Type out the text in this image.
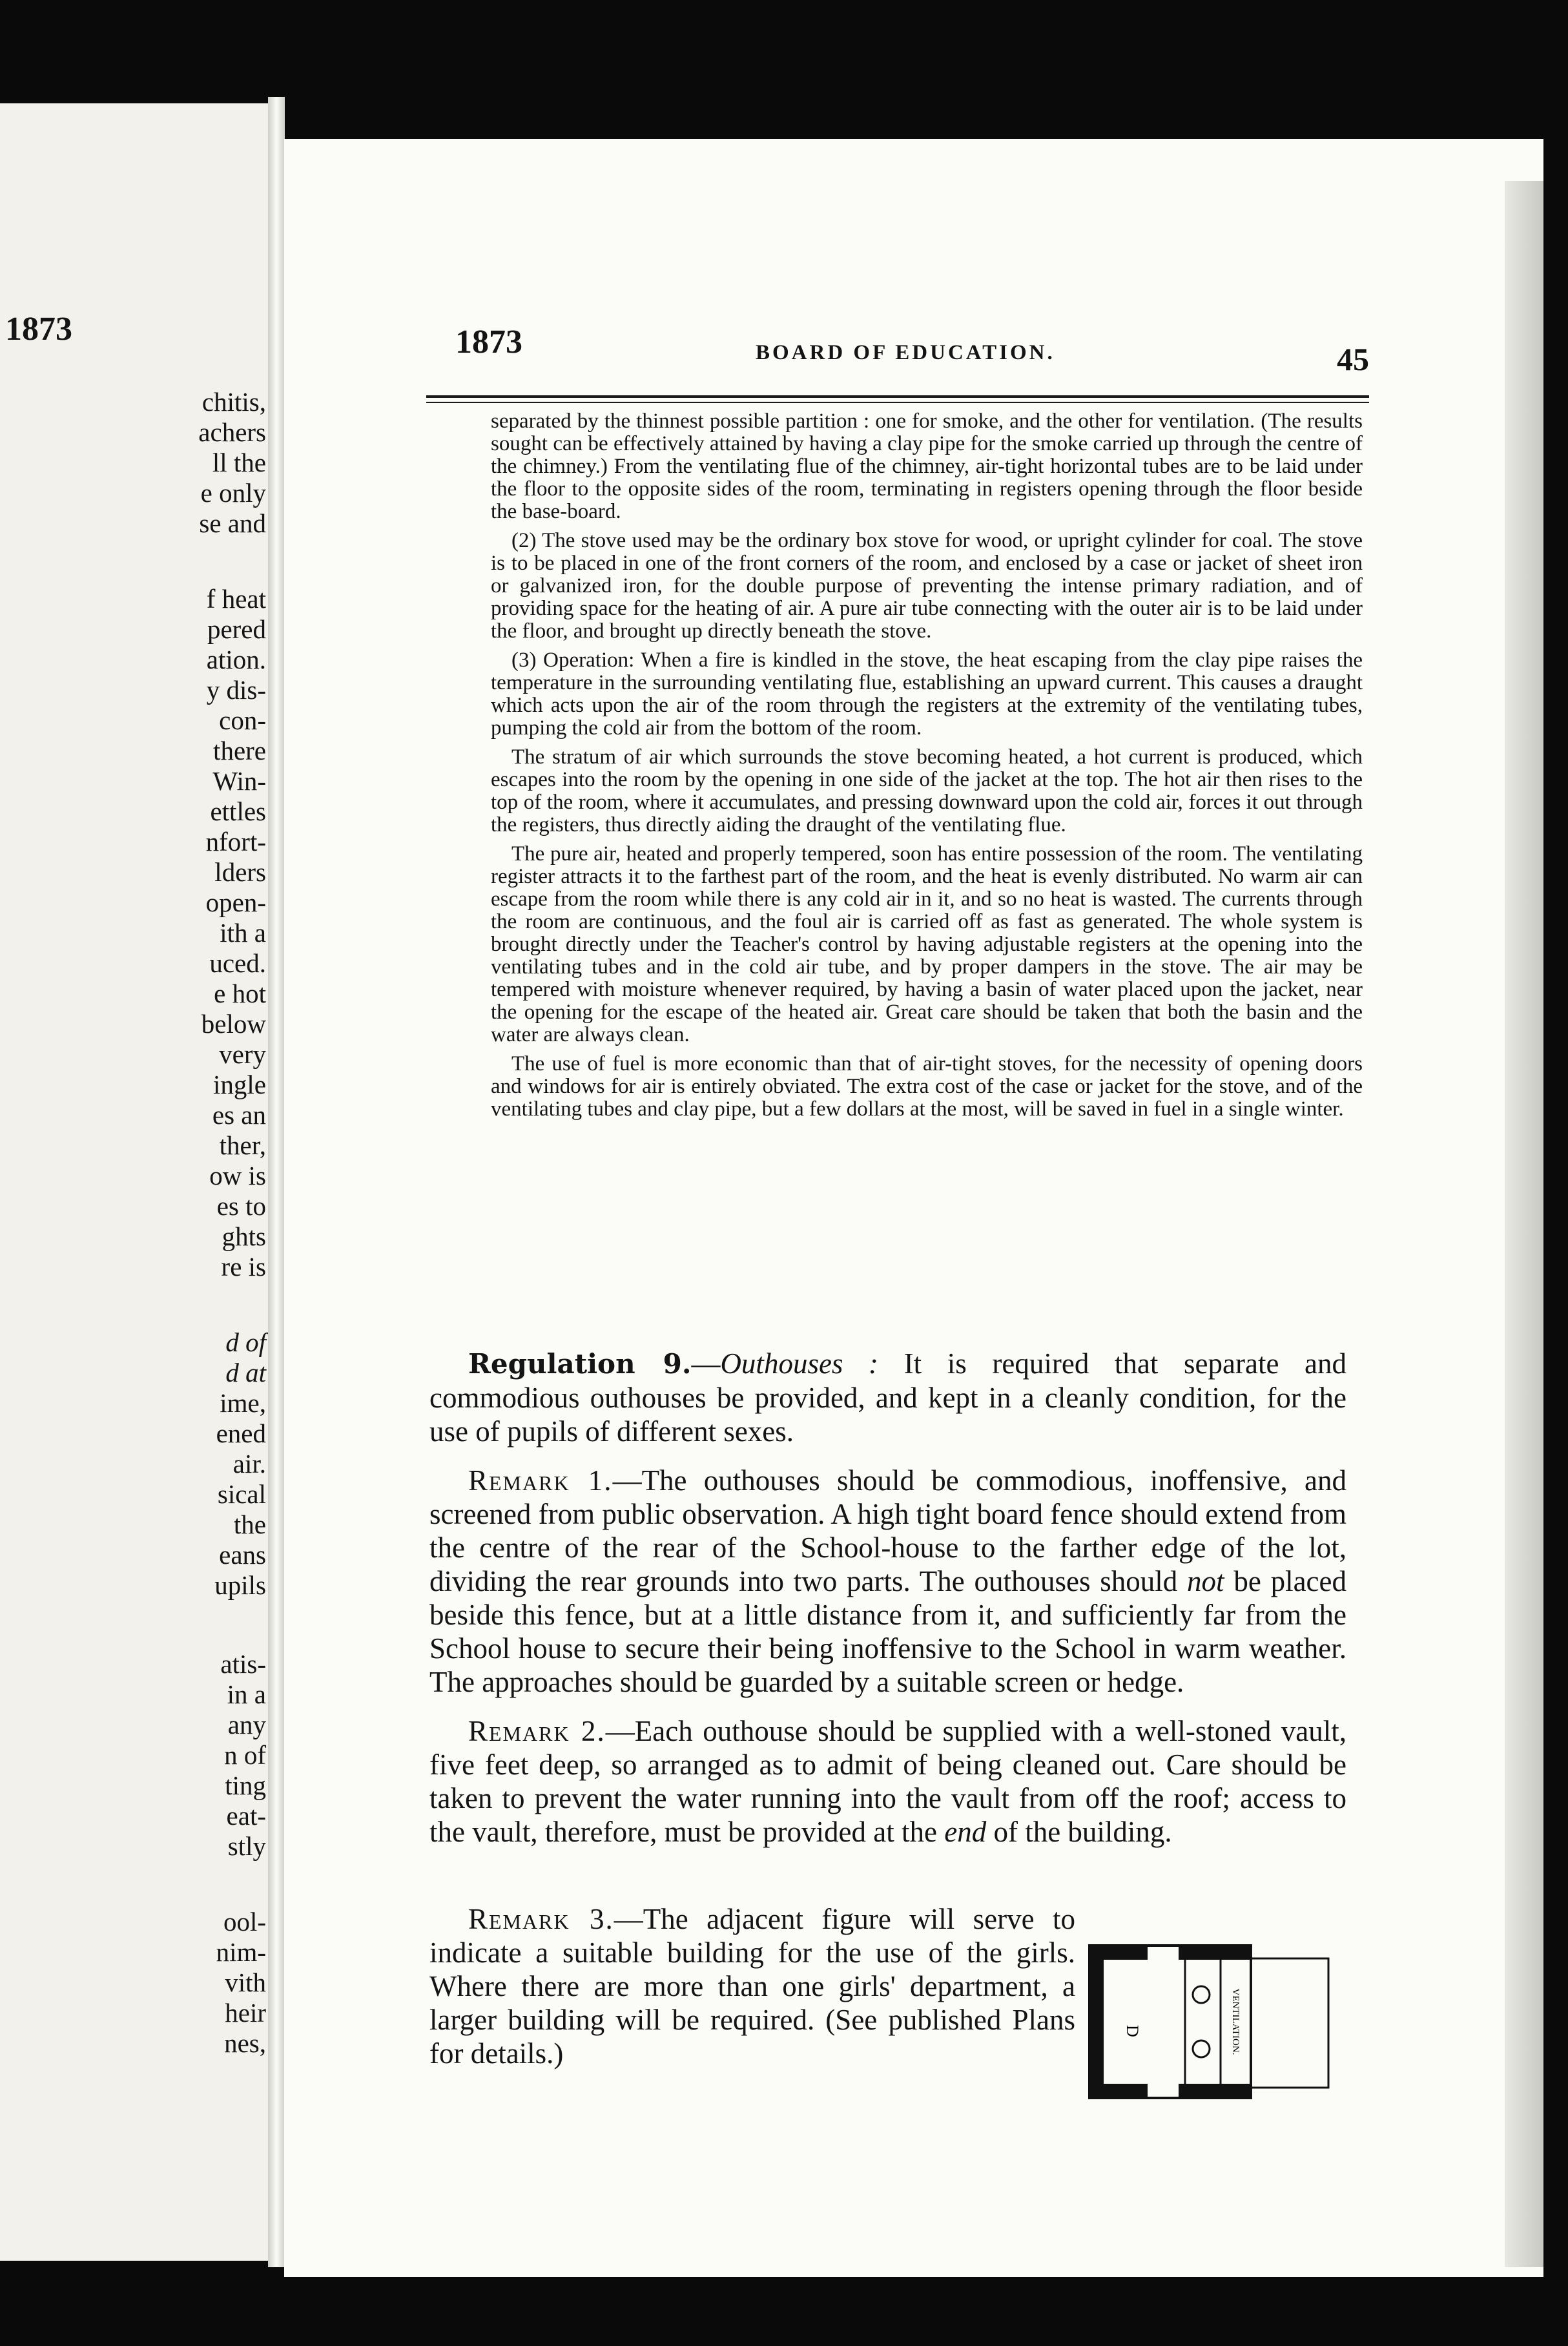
1873
chitis,
achers
ll the
e only
se and
f heat
pered
ation.
y dis-
con-
there
Win-
ettles
nfort-
lders
open-
ith a
uced.
e hot
below
very
ingle
es an
ther,
ow is
es to
ghts
re is
d of
d at
ime,
ened
air.
sical
the
eans
upils
atis-
in a
any
n of
ting
eat-
stly
ool-
nim-
vith
heir
nes,
1873	BOARD OF EDUCATION.	45

separated by the thinnest possible partition : one for smoke, and the other for ventilation. (The results sought can be effectively attained by having a clay pipe for the smoke carried up through the centre of the chimney.) From the ventilating flue of the chimney, air-tight horizontal tubes are to be laid under the floor to the opposite sides of the room, terminating in registers opening through the floor beside the base-board.

(2) The stove used may be the ordinary box stove for wood, or upright cylinder for coal. The stove is to be placed in one of the front corners of the room, and enclosed by a case or jacket of sheet iron or galvanized iron, for the double purpose of preventing the intense primary radiation, and of providing space for the heating of air. A pure air tube connecting with the outer air is to be laid under the floor, and brought up directly beneath the stove.

(3) Operation: When a fire is kindled in the stove, the heat escaping from the clay pipe raises the temperature in the surrounding ventilating flue, establishing an upward current. This causes a draught which acts upon the air of the room through the registers at the extremity of the ventilating tubes, pumping the cold air from the bottom of the room.

The stratum of air which surrounds the stove becoming heated, a hot current is produced, which escapes into the room by the opening in one side of the jacket at the top. The hot air then rises to the top of the room, where it accumulates, and pressing downward upon the cold air, forces it out through the registers, thus directly aiding the draught of the ventilating flue.

The pure air, heated and properly tempered, soon has entire possession of the room. The ventilating register attracts it to the farthest part of the room, and the heat is evenly distributed. No warm air can escape from the room while there is any cold air in it, and so no heat is wasted. The currents through the room are continuous, and the foul air is carried off as fast as generated. The whole system is brought directly under the Teacher's control by having adjustable registers at the opening into the ventilating tubes and in the cold air tube, and by proper dampers in the stove. The air may be tempered with moisture whenever required, by having a basin of water placed upon the jacket, near the opening for the escape of the heated air. Great care should be taken that both the basin and the water are always clean.

The use of fuel is more economic than that of air-tight stoves, for the necessity of opening doors and windows for air is entirely obviated. The extra cost of the case or jacket for the stove, and of the ventilating tubes and clay pipe, but a few dollars at the most, will be saved in fuel in a single winter.

Regulation 9.—Outhouses : It is required that separate and commodious outhouses be provided, and kept in a cleanly condition, for the use of pupils of different sexes.

Remark 1.—The outhouses should be commodious, inoffensive, and screened from public observation. A high tight board fence should extend from the centre of the rear of the School-house to the farther edge of the lot, dividing the rear grounds into two parts. The outhouses should not be placed beside this fence, but at a little distance from it, and sufficiently far from the School house to secure their being inoffensive to the School in warm weather. The approaches should be guarded by a suitable screen or hedge.

Remark 2.—Each outhouse should be supplied with a well-stoned vault, five feet deep, so arranged as to admit of being cleaned out. Care should be taken to prevent the water running into the vault from off the roof; access to the vault, therefore, must be provided at the end of the building.

Remark 3.—The adjacent figure will serve to indicate a suitable building for the use of the girls. Where there are more than one girls' department, a larger building will be required. (See published Plans for details.)
D	VENTILATION.
